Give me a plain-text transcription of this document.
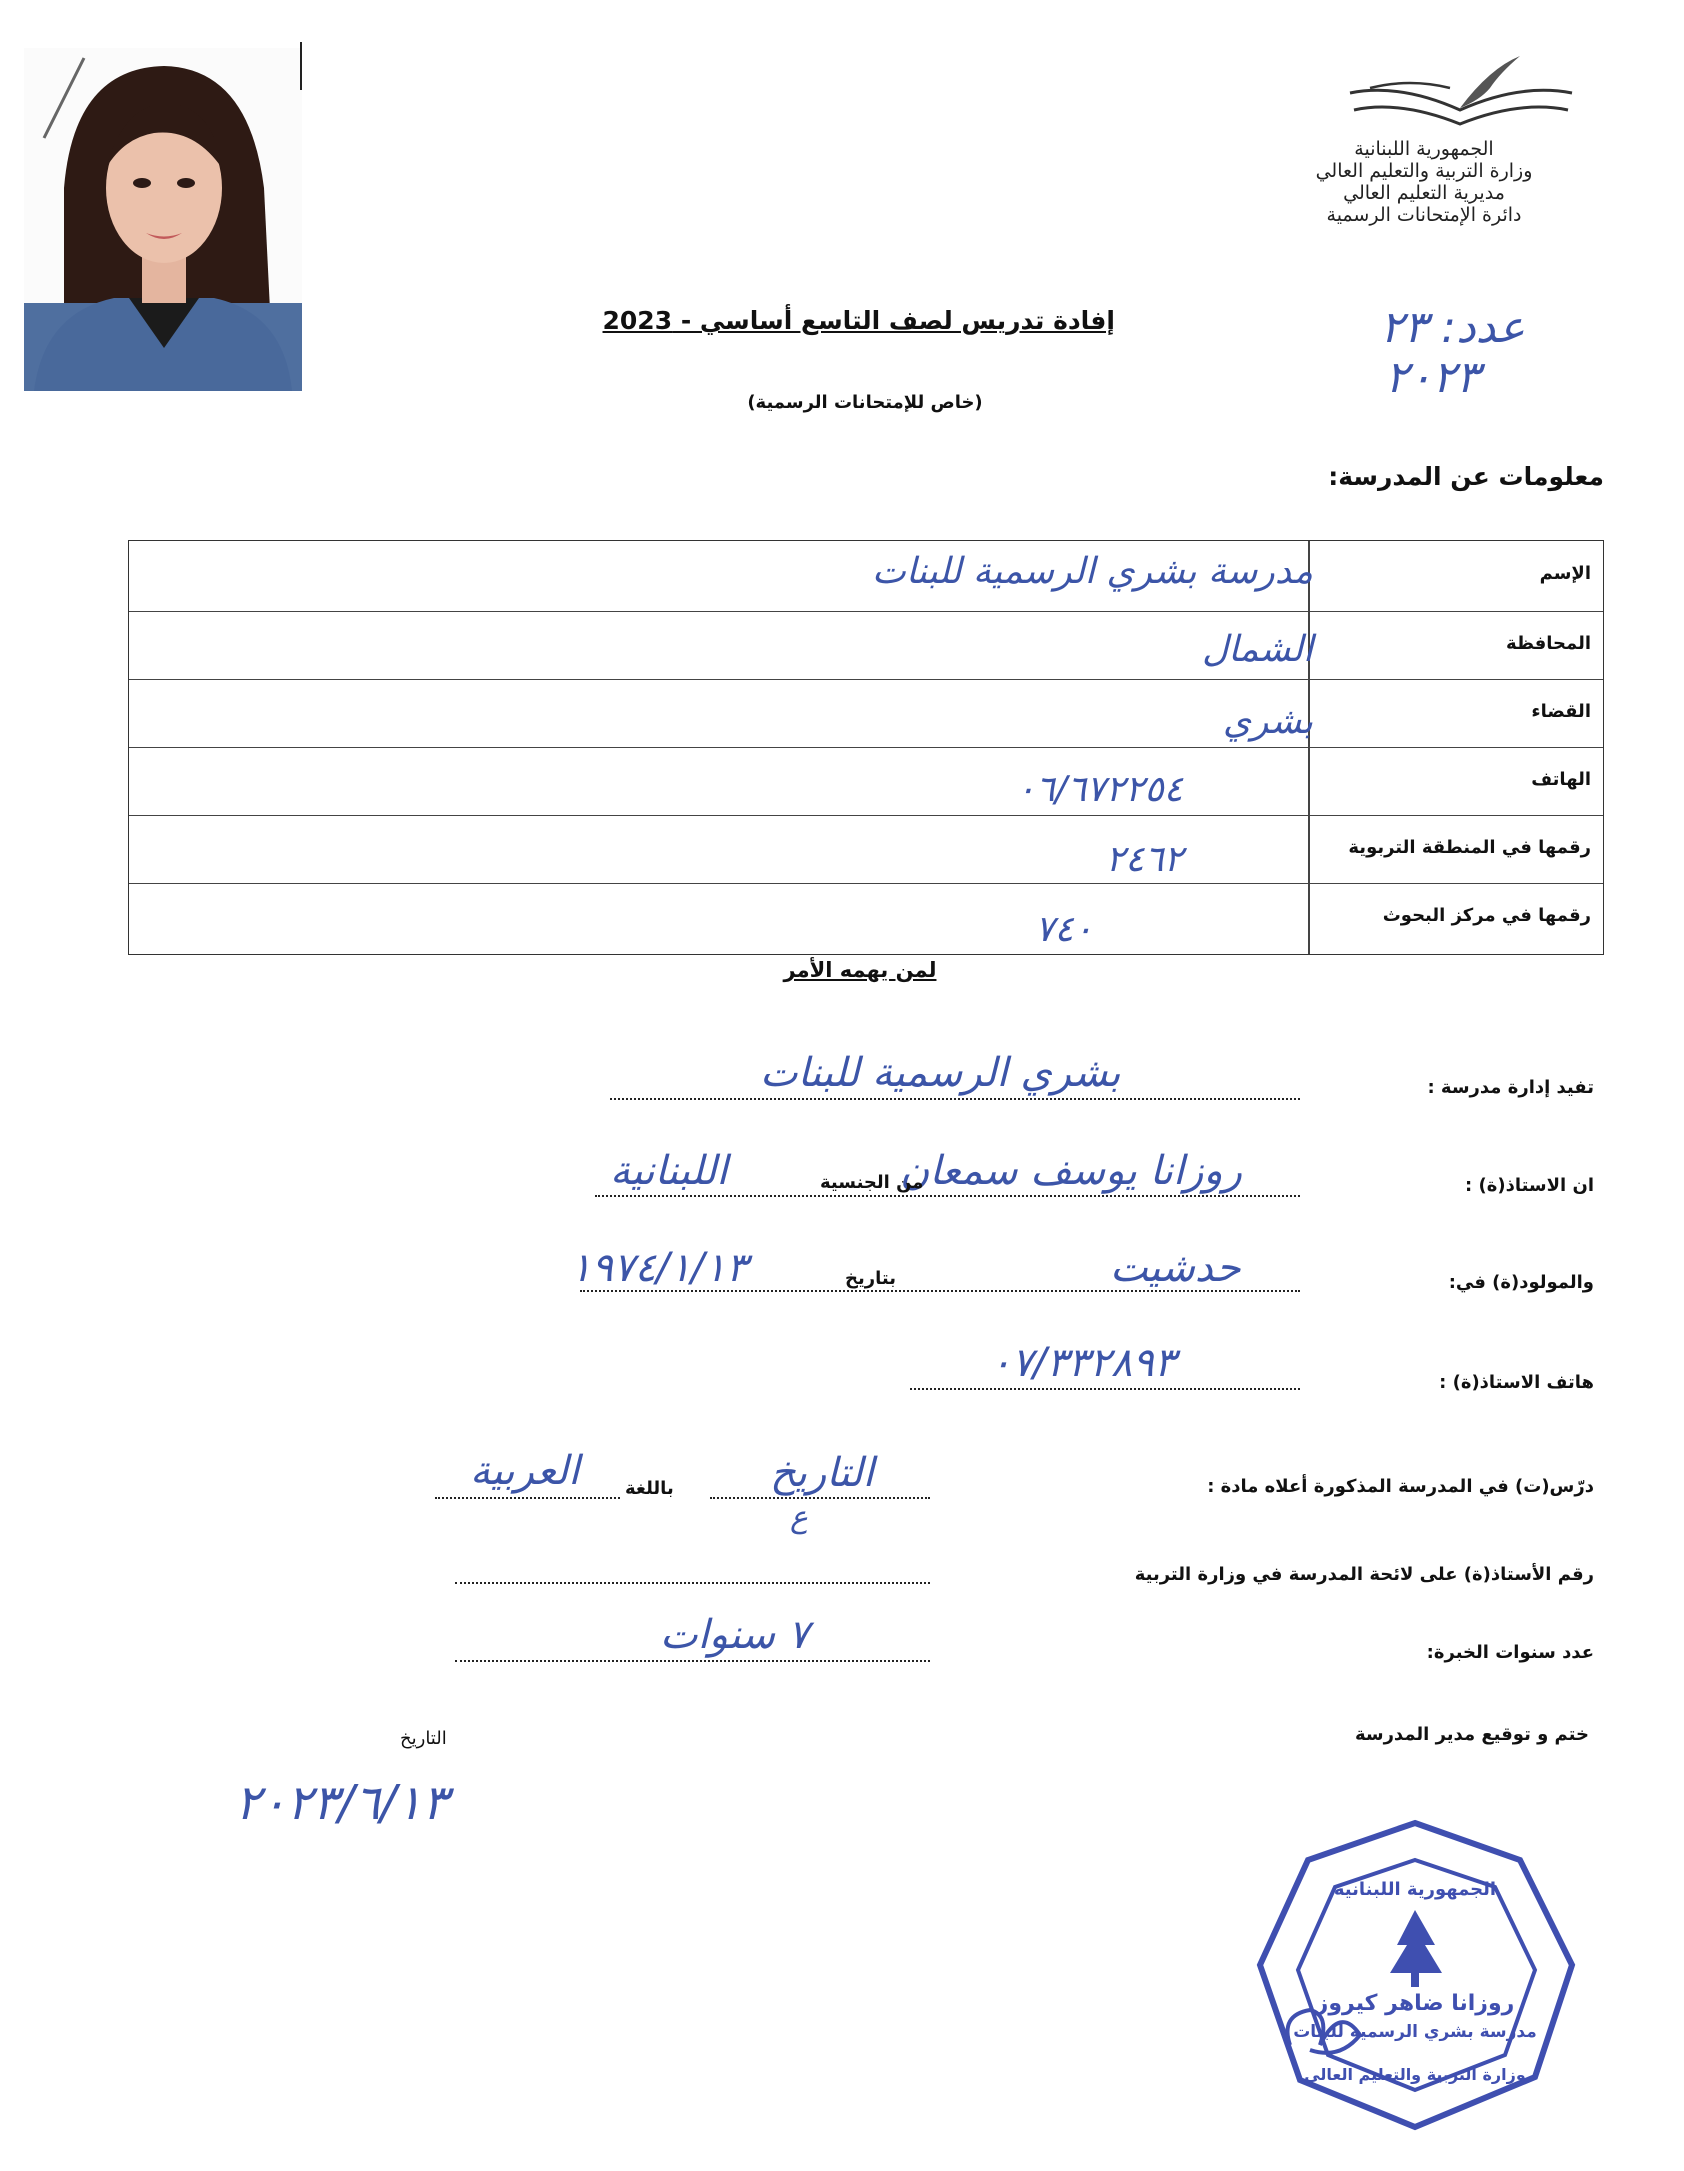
الجمهورية اللبنانية
وزارة التربية والتعليم العالي
مديرية التعليم العالي
دائرة الإمتحانات الرسمية
عدد: ٢٣
٢٠٢٣
إفادة تدريس لصف التاسع أساسي - 2023
(خاص للإمتحانات الرسمية)
معلومات عن المدرسة:
الإسم
مدرسة بشري الرسمية للبنات
المحافظة
الشمال
القضاء
بشري
الهاتف
٠٦/٦٧٢٢٥٤
رقمها في المنطقة التربوية
٢٤٦٢
رقمها في مركز البحوث
٧٤٠
لمن يهمه الأمر
تفيد إدارة مدرسة :
بشري الرسمية للبنات
ان الاستاذ(ة) :
روزانا يوسف سمعان
من الجنسية
اللبنانية
والمولود(ة) في:
حدشيت
بتاريخ
١٩٧٤/١/١٣
هاتف الاستاذ(ة) :
٠٧/٣٣٢٨٩٣
درّس(ت) في المدرسة المذكورة أعلاه مادة :
التاريخ
ع
باللغة
العربية
رقم الأستاذ(ة) على لائحة المدرسة في وزارة التربية
عدد سنوات الخبرة:
٧ سنوات
ختم و توقيع مدير المدرسة
التاريخ
٢٠٢٣/٦/١٣
روزانا ضاهر كيروز
الجمهورية اللبنانية
مدرسة بشري الرسمية للبنات
وزارة التربية والتعليم العالي
